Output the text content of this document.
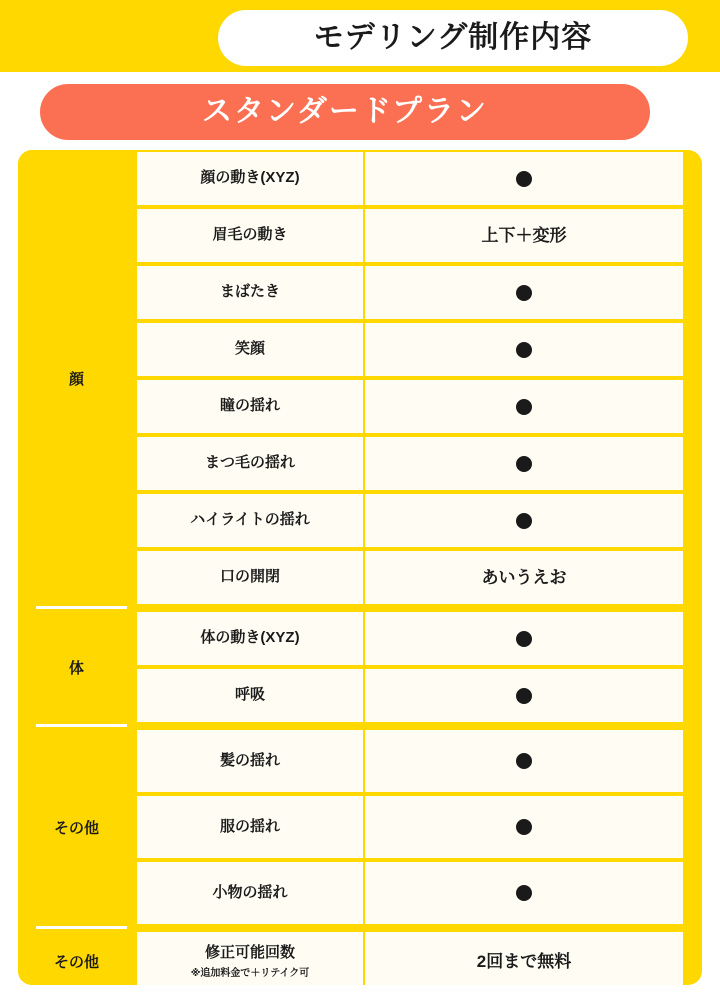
モデリング制作内容
スタンダードプラン
顔
顔の動き(XYZ)
眉毛の動き	上下＋変形
まばたき
笑顔
瞳の揺れ
まつ毛の揺れ
ハイライトの揺れ
口の開閉	あいうえお
体
体の動き(XYZ)
呼吸
その他
髪の揺れ
服の揺れ
小物の揺れ
その他
修正可能回数
※追加料金で＋リテイク可
2回まで無料
